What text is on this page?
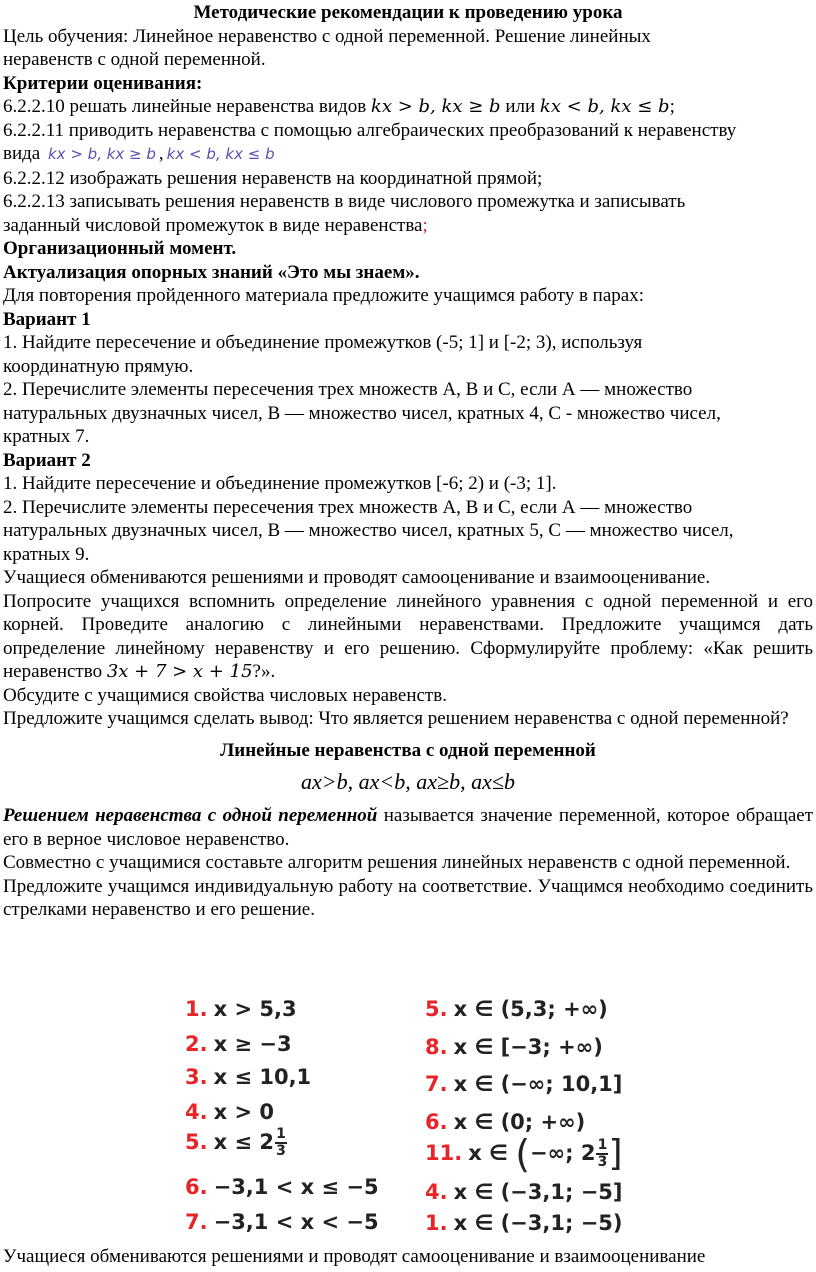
Методические рекомендации к проведению урока

Цель обучения: Линейное неравенство с одной переменной. Решение линейных
неравенств с одной переменной.

Критерии оценивания:

6.2.2.10 решать линейные неравенства видов kx > b, kx ≥ b или kx < b, kx ≤ b;

6.2.2.11 приводить неравенства с помощью алгебраических преобразований к неравенству
вида kx > b, kx ≥ b , kx < b, kx ≤ b

6.2.2.12 изображать решения неравенств на координатной прямой;

6.2.2.13 записывать решения неравенств в виде числового промежутка и записывать
заданный числовой промежуток в виде неравенства;

Организационный момент.

Актуализация опорных знаний «Это мы знаем».

Для повторения пройденного материала предложите учащимся работу в парах:

Вариант 1

1. Найдите пересечение и объединение промежутков (-5; 1] и [-2; 3), используя
координатную прямую.

2. Перечислите элементы пересечения трех множеств А, В и С, если А — множество
натуральных двузначных чисел, В — множество чисел, кратных 4, С - множество чисел,
кратных 7.

Вариант 2

1. Найдите пересечение и объединение промежутков [-6; 2) и (-3; 1].

2. Перечислите элементы пересечения трех множеств А, В и С, если А — множество
натуральных двузначных чисел, В — множество чисел, кратных 5, С — множество чисел,
кратных 9.

Учащиеся обмениваются решениями и проводят самооценивание и взаимооценивание.

Попросите учащихся вспомнить определение линейного уравнения с одной переменной и его корней. Проведите аналогию с линейными неравенствами. Предложите учащимся дать определение линейному неравенству и его решению. Сформулируйте проблему: «Как решить неравенство 3x + 7 > x + 15?».

Обсудите с учащимися свойства числовых неравенств.

Предложите учащимся сделать вывод: Что является решением неравенства с одной переменной?

Линейные неравенства с одной переменной

ax>b, ax<b, ax≥b, ax≤b

Решением неравенства с одной переменной называется значение переменной, которое обращает его в верное числовое неравенство.

Совместно с учащимися составьте алгоритм решения линейных неравенств с одной переменной.

Предложите учащимся индивидуальную работу на соответствие. Учащимся необходимо соединить стрелками неравенство и его решение.

1. x > 5,3
2. x ≥ −3
3. x ≤ 10,1
4. x > 0
5. $x \le 2 \frac{1}{3}$
6. −3,1 < x ≤ −5
7. −3,1 < x < −5
5. x ∈ (5,3; +∞)
8. x ∈ [−3; +∞)
7. x ∈ (−∞; 10,1]
6. x ∈ (0; +∞)
11. x ∈ (−∞; $2 \frac{1}{3}$ ]
4. x ∈ (−3,1; −5]
1. x ∈ (−3,1; −5)

Учащиеся обмениваются решениями и проводят самооценивание и взаимооценивание
